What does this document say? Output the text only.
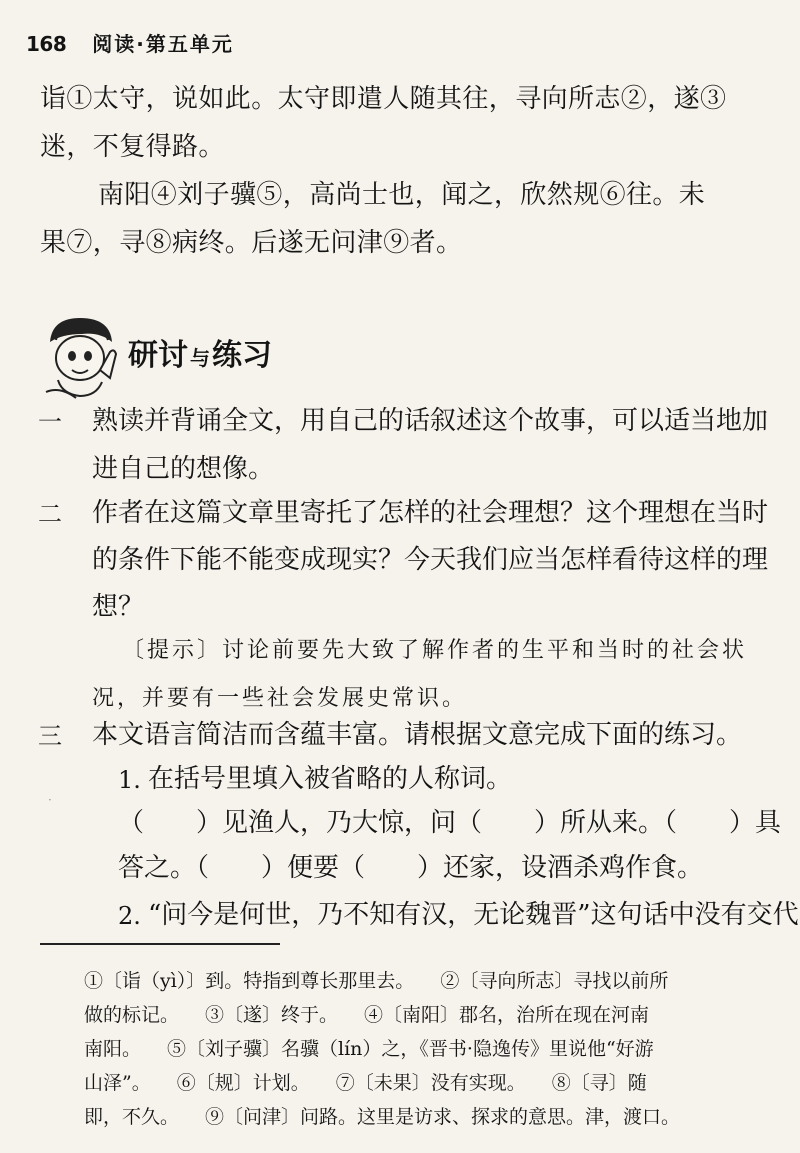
168 阅读·第五单元
诣①太守，说如此。太守即遣人随其往，寻向所志②，遂③
迷，不复得路。
南阳④刘子骥⑤，高尚士也，闻之，欣然规⑥往。未
果⑦，寻⑧病终。后遂无问津⑨者。
研讨 与练习
一 熟读并背诵全文，用自己的话叙述这个故事，可以适当地加
进自己的想像。
二 作者在这篇文章里寄托了怎样的社会理想？这个理想在当时
的条件下能不能变成现实？今天我们应当怎样看待这样的理
想？
〔提示〕讨论前要先大致了解作者的生平和当时的社会状
况，并要有一些社会发展史常识。
三 本文语言简洁而含蕴丰富。请根据文意完成下面的练习。
1. 在括号里填入被省略的人称词。
·
（　　）见渔人，乃大惊，问（　　）所从来。（　　）具
答之。（　　）便要（　　）还家，设酒杀鸡作食。
2. “问今是何世，乃不知有汉，无论魏晋”这句话中没有交代
①〔诣（yì）〕到。特指到尊长那里去。 ②〔寻向所志〕寻找以前所
做的标记。 ③〔遂〕终于。 ④〔南阳〕郡名，治所在现在河南
南阳。 ⑤〔刘子骥〕名骥（lín）之，《晋书·隐逸传》里说他“好游
山泽”。 ⑥〔规〕计划。 ⑦〔未果〕没有实现。 ⑧〔寻〕随
即，不久。 ⑨〔问津〕问路。这里是访求、探求的意思。津，渡口。
